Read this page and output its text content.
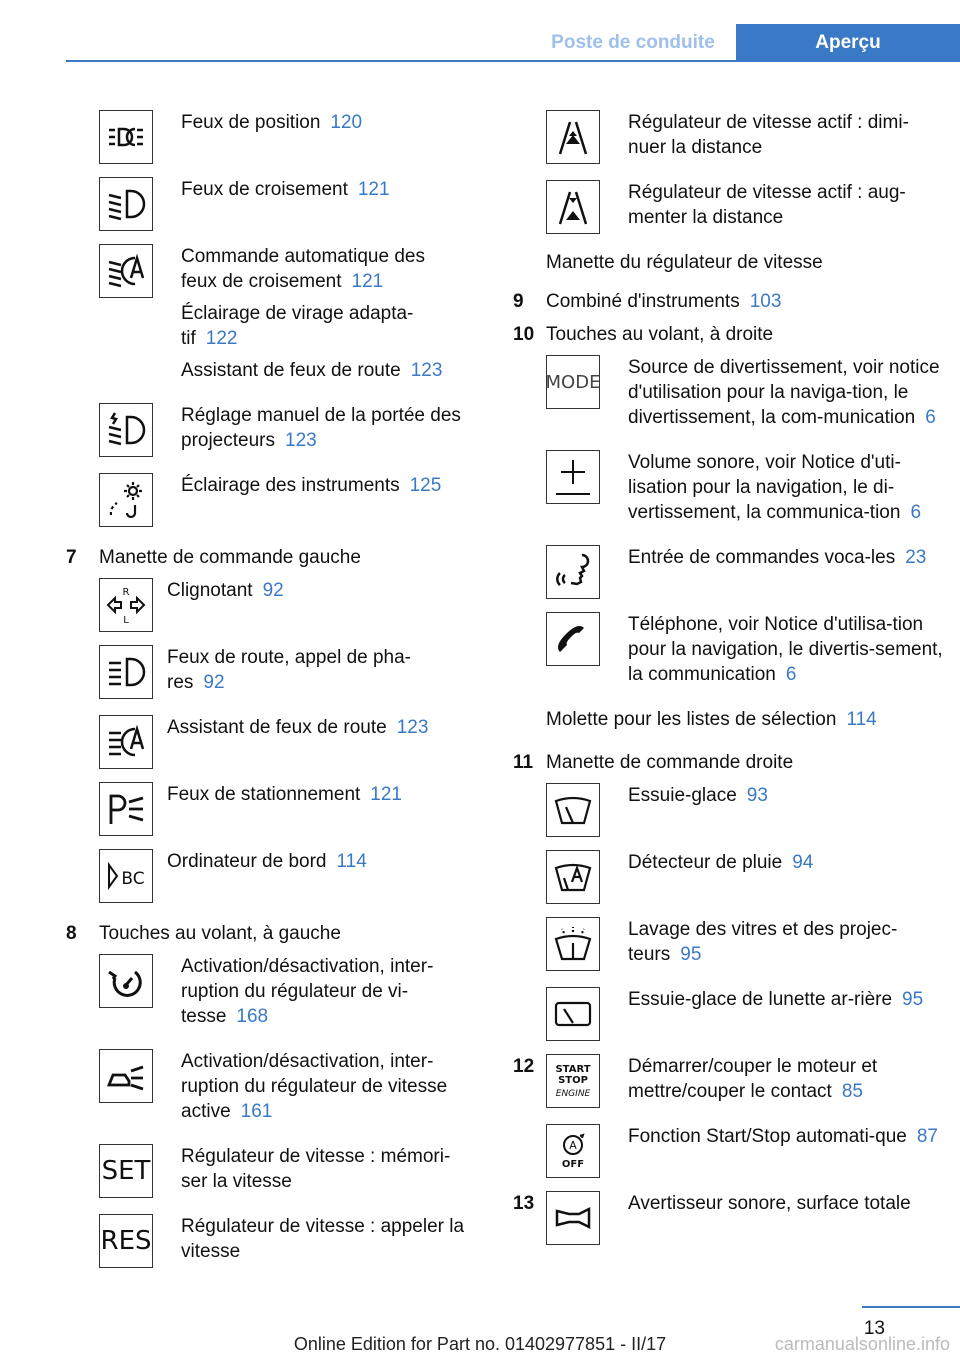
Poste de conduite	Aperçu

Feux de position 120

Feux de croisement 121

Commande automatique des feux de croisement 121

Éclairage de virage adapta-tif 122

Assistant de feux de route 123

Réglage manuel de la portée des projecteurs 123

Éclairage des instruments 125

7	Manette de commande gauche
R
L

Clignotant 92

Feux de route, appel de pha-res 92

Assistant de feux de route 123

Feux de stationnement 121

BC

Ordinateur de bord 114

8	Touches au volant, à gauche

Activation/désactivation, inter-ruption du régulateur de vi-tesse 168

Activation/désactivation, inter-ruption du régulateur de vitesse active 161

SET Régulateur de vitesse : mémori-ser la vitesse

RES Régulateur de vitesse : appeler la vitesse

Régulateur de vitesse actif : dimi-nuer la distance

Régulateur de vitesse actif : aug-menter la distance

Manette du régulateur de vitesse
9	Combiné d'instruments 103
10 Touches au volant, à droite
MODE

Source de divertissement, voir notice d'utilisation pour la naviga-tion, le divertissement, la com-munication 6

Volume sonore, voir Notice d'uti-lisation pour la navigation, le di-vertissement, la communica-tion 6

Entrée de commandes voca-les 23

Téléphone, voir Notice d'utilisa-tion pour la navigation, le divertis-sement, la communication 6

Molette pour les listes de sélection 114
11 Manette de commande droite

Essuie-glace 93

Détecteur de pluie 94

Lavage des vitres et des projec-teurs 95

Essuie-glace de lunette ar-rière 95

12	START
STOP
ENGINE

Démarrer/couper le moteur et mettre/couper le contact 85

A
OFF

Fonction Start/Stop automati-que 87

13	Avertisseur sonore, surface totale

13
Online Edition for Part no. 01402977851 - II/17	carmanualsonline.info
